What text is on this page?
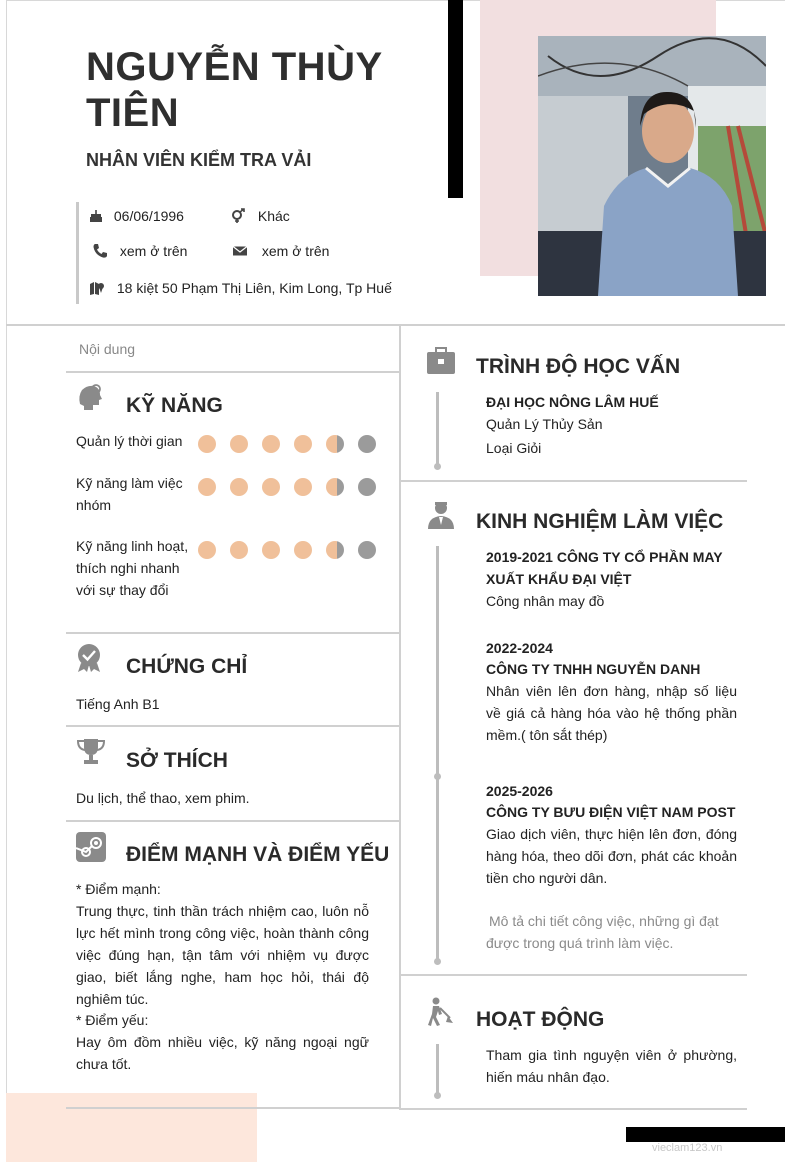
NGUYỄN THÙY TIÊN
NHÂN VIÊN KIỂM TRA VẢI
06/06/1996	Khác
xem ở trên	xem ở trên
18 kiệt 50 Phạm Thị Liên, Kim Long, Tp Huế
Nội dung
KỸ NĂNG
Quản lý thời gian
Kỹ năng làm việc nhóm
Kỹ năng linh hoạt, thích nghi nhanh với sự thay đổi
CHỨNG CHỈ
Tiếng Anh B1
SỞ THÍCH
Du lịch, thể thao, xem phim.
ĐIỂM MẠNH VÀ ĐIỂM YẾU
* Điểm mạnh:
Trung thực, tinh thần trách nhiệm cao, luôn nỗ lực hết mình trong công việc, hoàn thành công việc đúng hạn, tận tâm với nhiệm vụ được giao, biết lắng nghe, ham học hỏi, thái độ nghiêm túc.
* Điểm yếu:
Hay ôm đồm nhiều việc, kỹ năng ngoại ngữ chưa tốt.
TRÌNH ĐỘ HỌC VẤN
ĐẠI HỌC NÔNG LÂM HUẾ
Quản Lý Thủy Sản
Loại Giỏi
KINH NGHIỆM LÀM VIỆC
2019-2021 CÔNG TY CỔ PHẦN MAY XUẤT KHẨU ĐẠI VIỆT
Công nhân may đồ
2022-2024
CÔNG TY TNHH NGUYỄN DANH
Nhân viên lên đơn hàng, nhập số liệu về giá cả hàng hóa vào hệ thống phần mềm.( tôn sắt thép)
2025-2026
CÔNG TY BƯU ĐIỆN VIỆT NAM POST
Giao dịch viên, thực hiện lên đơn, đóng hàng hóa, theo dõi đơn, phát các khoản tiền cho người dân.
Mô tả chi tiết công việc, những gì đạt được trong quá trình làm việc.
HOẠT ĐỘNG
Tham gia tình nguyện viên ở phường, hiến máu nhân đạo.
vieclam123.vn
